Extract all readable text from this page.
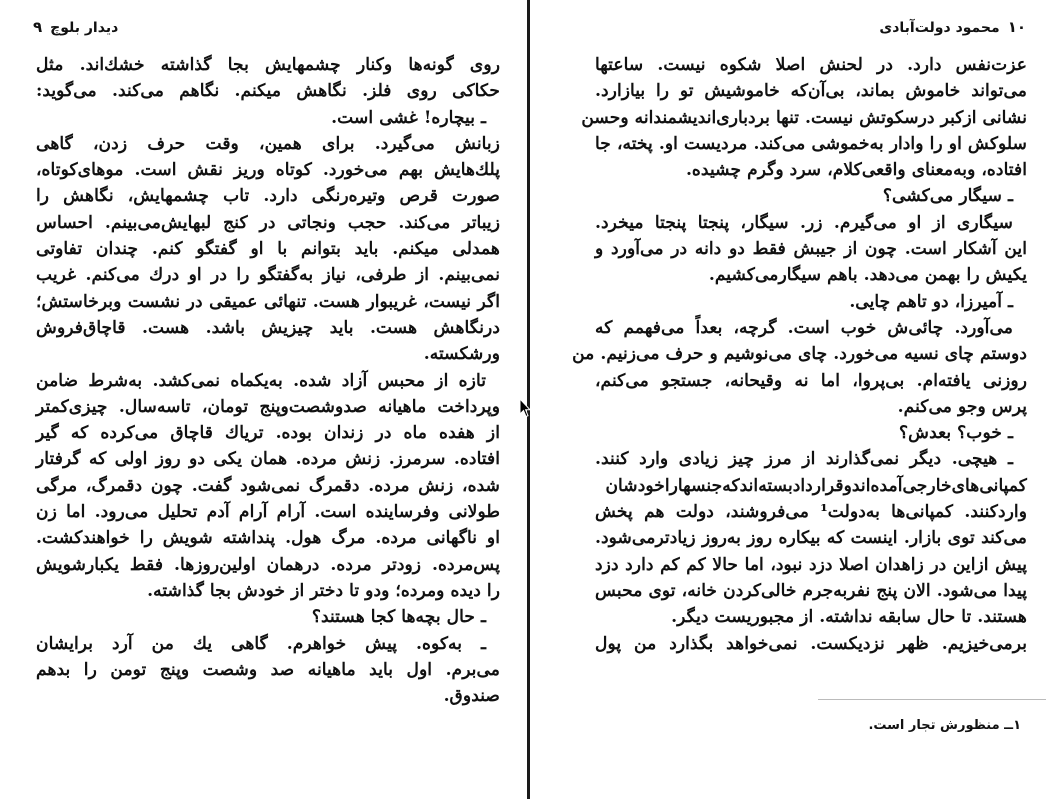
دیدار بلوچ
۹
روی گونه‌ها وکنار چشمهایش بجا گذاشته خشك‌اند. مثل
حکاکی روی فلز. نگاهش میکنم. نگاهم می‌کند. می‌گوید:
ـ بیچاره! غشی است.
زبانش می‌گیرد. برای همین، وقت حرف زدن، گاهی
پلك‌هایش بهم می‌خورد. کوتاه وریز نقش است. موهای‌کوتاه،
صورت قرص وتیره‌رنگی دارد. تاب چشمهایش، نگاهش را
زیباتر می‌کند. حجب ونجاتی در کنج لبهایش‌می‌بینم. احساس
همدلی میکنم. باید بتوانم با او گفتگو کنم. چندان تفاوتی
نمی‌بینم. از طرفی، نیاز به‌گفتگو را در او درك می‌کنم. غریب
اگر نیست، غریبوار هست. تنهائی عمیقی در نشست وبرخاستش؛
درنگاهش هست. باید چیزیش باشد. هست. قاچاق‌فروش
ورشکسته.
تازه از محبس آزاد شده. به‌یکماه نمی‌کشد. به‌شرط ضامن
وپرداخت ماهیانه صدوشصت‌وپنج تومان، تاسه‌سال. چیزی‌کمتر
از هفده ماه در زندان بوده. تریاك قاچاق می‌کرده که گیر
افتاده. سرمرز. زنش مرده. همان یکی دو روز اولی که گرفتار
شده، زنش مرده. دقمرگ نمی‌شود گفت. چون دقمرگ، مرگی
طولانی وفرساینده است. آرام آرام آدم تحلیل می‌رود. اما زن
او ناگهانی مرده. مرگ هول. پنداشته شویش را خواهندکشت.
پس‌مرده. زودتر مرده. درهمان اولین‌روزها. فقط یکبارشویش
را دیده ومرده؛ ودو تا دختر از خودش بجا گذاشته.
ـ حال بچه‌ها کجا هستند؟
ـ به‌کوه. پیش خواهرم. گاهی یك من آرد برایشان
می‌برم. اول باید ماهیانه صد وشصت وپنج تومن را بدهم
صندوق.
۱۰
محمود دولت‌آبادی
عزت‌نفس دارد. در لحنش اصلا شکوه نیست. ساعتها
می‌تواند خاموش بماند، بی‌آن‌که خاموشیش تو را بیازارد.
نشانی ازکبر درسکوتش نیست. تنها بردباری‌اندیشمندانه وحسن
سلوکش او را وادار به‌خموشی می‌کند. مردیست او. پخته، جا
افتاده، وبه‌معنای واقعی‌کلام، سرد وگرم چشیده.
ـ سیگار می‌کشی؟
سیگاری از او می‌گیرم. زر. سیگار، پنجتا پنجتا میخرد.
این آشکار است. چون از جیبش فقط دو دانه در می‌آورد و
یکیش را بهمن می‌دهد. باهم سیگارمی‌کشیم.
ـ آمیرزا، دو تاهم چایی.
می‌آورد. چائی‌ش خوب است. گرچه، بعداً می‌فهمم که
دوستم چای نسیه می‌خورد. چای می‌نوشیم و حرف می‌زنیم. من
روزنی یافته‌ام. بی‌پروا، اما نه وقیحانه، جستجو می‌کنم،
پرس وجو می‌کنم.
ـ خوب؟ بعدش؟
ـ هیچی. دیگر نمی‌گذارند از مرز چیز زیادی وارد کنند.
کمپانی‌های‌خارجی‌آمده‌اندوقراردادبسته‌اندکه‌جنسهارا‌خودشان
واردکنند. کمپانی‌ها به‌دولت¹ می‌فروشند، دولت هم پخش
می‌کند توی بازار. اینست که بیکاره روز به‌روز زیادترمی‌شود.
پیش ازاین در زاهدان اصلا دزد نبود، اما حالا کم کم دارد دزد
پیدا می‌شود. الان پنج نفربه‌جرم خالی‌کردن خانه، توی محبس
هستند. تا حال سابقه نداشته. از مجبوریست دیگر.
برمی‌خیزیم. ظهر نزدیکست. نمی‌خواهد بگذارد من پول
۱ــ منظورش تجار است.
